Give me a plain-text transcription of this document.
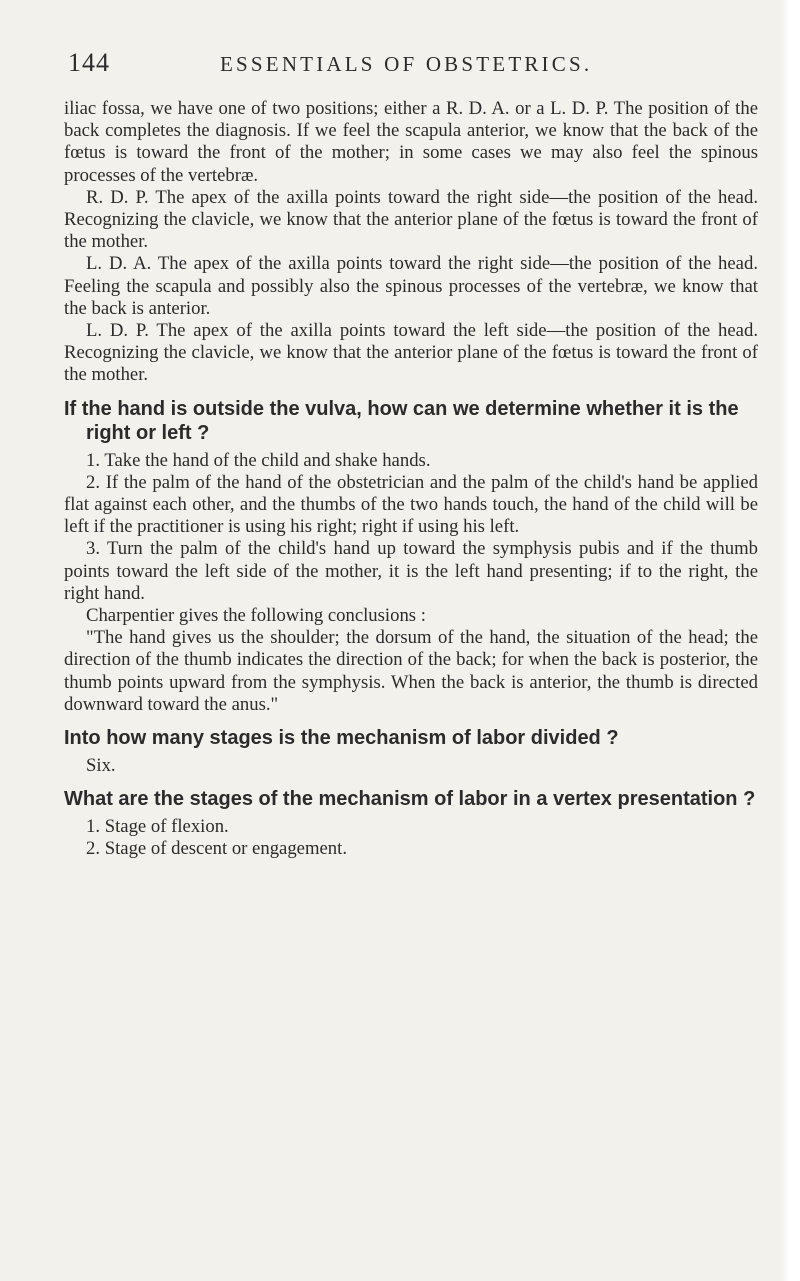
144	ESSENTIALS OF OBSTETRICS.

iliac fossa, we have one of two positions; either a R. D. A. or a L. D. P. The position of the back completes the diagnosis. If we feel the scapula anterior, we know that the back of the fœtus is toward the front of the mother; in some cases we may also feel the spinous processes of the vertebræ.

R. D. P. The apex of the axilla points toward the right side—the position of the head. Recognizing the clavicle, we know that the anterior plane of the fœtus is toward the front of the mother.

L. D. A. The apex of the axilla points toward the right side—the position of the head. Feeling the scapula and possibly also the spinous processes of the vertebræ, we know that the back is anterior.

L. D. P. The apex of the axilla points toward the left side—the position of the head. Recognizing the clavicle, we know that the anterior plane of the fœtus is toward the front of the mother.

If the hand is outside the vulva, how can we determine whether it is the right or left ?

1. Take the hand of the child and shake hands.

2. If the palm of the hand of the obstetrician and the palm of the child's hand be applied flat against each other, and the thumbs of the two hands touch, the hand of the child will be left if the practitioner is using his right; right if using his left.

3. Turn the palm of the child's hand up toward the symphysis pubis and if the thumb points toward the left side of the mother, it is the left hand presenting; if to the right, the right hand.

Charpentier gives the following conclusions :

"The hand gives us the shoulder; the dorsum of the hand, the situation of the head; the direction of the thumb indicates the direction of the back; for when the back is posterior, the thumb points upward from the symphysis. When the back is anterior, the thumb is directed downward toward the anus."

Into how many stages is the mechanism of labor divided ?

Six.

What are the stages of the mechanism of labor in a vertex presentation ?

1. Stage of flexion.

2. Stage of descent or engagement.
